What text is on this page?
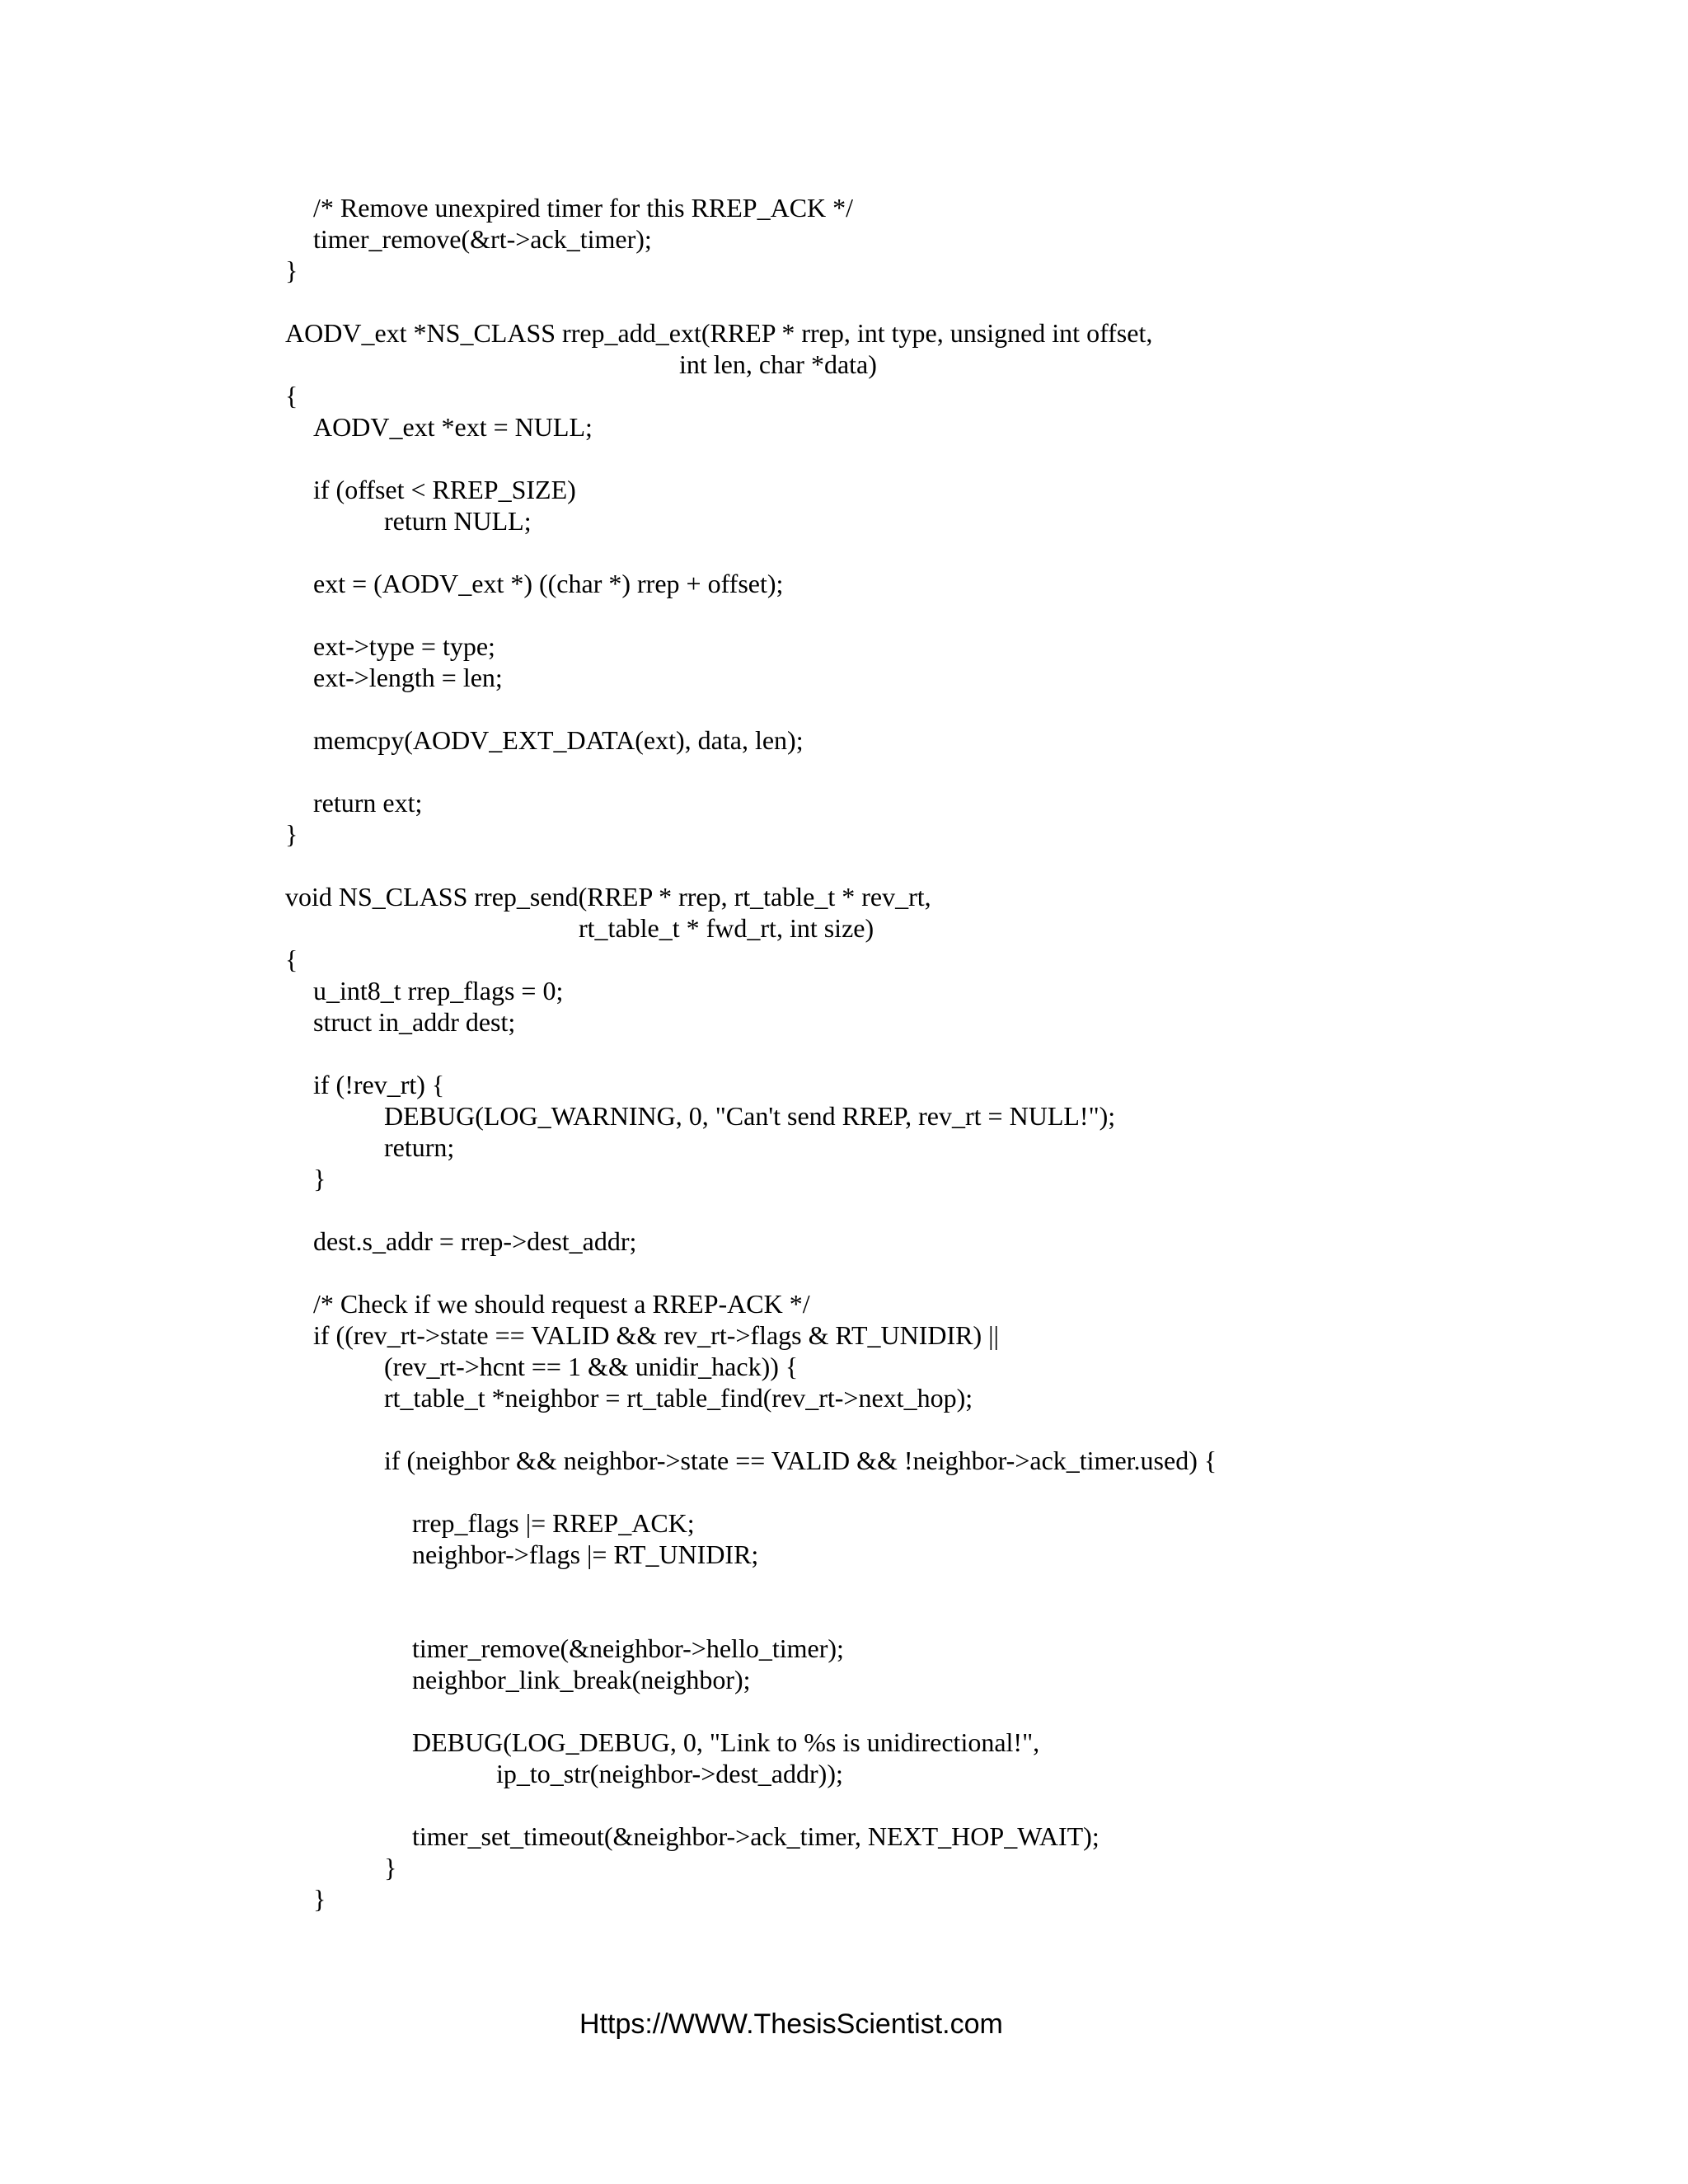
/* Remove unexpired timer for this RREP_ACK */
timer_remove(&rt->ack_timer);
}
AODV_ext *NS_CLASS rrep_add_ext(RREP * rrep, int type, unsigned int offset,
int len, char *data)
{
AODV_ext *ext = NULL;
if (offset < RREP_SIZE)
return NULL;
ext = (AODV_ext *) ((char *) rrep + offset);
ext->type = type;
ext->length = len;
memcpy(AODV_EXT_DATA(ext), data, len);
return ext;
}
void NS_CLASS rrep_send(RREP * rrep, rt_table_t * rev_rt,
rt_table_t * fwd_rt, int size)
{
u_int8_t rrep_flags = 0;
struct in_addr dest;
if (!rev_rt) {
DEBUG(LOG_WARNING, 0, "Can't send RREP, rev_rt = NULL!");
return;
}
dest.s_addr = rrep->dest_addr;
/* Check if we should request a RREP-ACK */
if ((rev_rt->state == VALID && rev_rt->flags & RT_UNIDIR) ||
(rev_rt->hcnt == 1 && unidir_hack)) {
rt_table_t *neighbor = rt_table_find(rev_rt->next_hop);
if (neighbor && neighbor->state == VALID && !neighbor->ack_timer.used) {
rrep_flags |= RREP_ACK;
neighbor->flags |= RT_UNIDIR;
timer_remove(&neighbor->hello_timer);
neighbor_link_break(neighbor);
DEBUG(LOG_DEBUG, 0, "Link to %s is unidirectional!",
ip_to_str(neighbor->dest_addr));
timer_set_timeout(&neighbor->ack_timer, NEXT_HOP_WAIT);
}
}
Https://WWW.ThesisScientist.com
